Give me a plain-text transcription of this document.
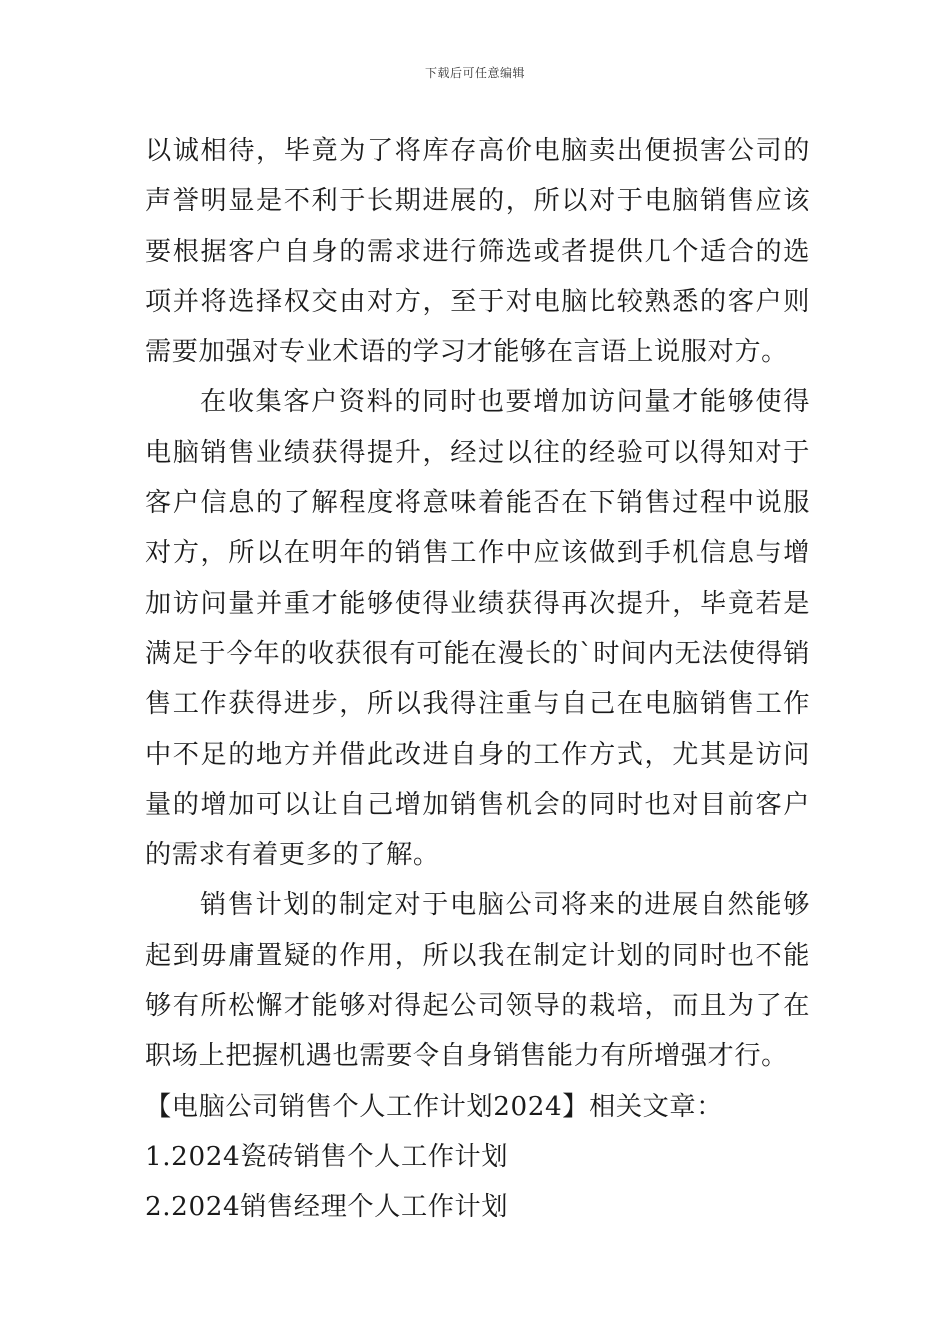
下载后可任意编辑

以诚相待，毕竟为了将库存高价电脑卖出便损害公司的声誉明显是不利于长期进展的，所以对于电脑销售应该要根据客户自身的需求进行筛选或者提供几个适合的选项并将选择权交由对方，至于对电脑比较熟悉的客户则需要加强对专业术语的学习才能够在言语上说服对方。

在收集客户资料的同时也要增加访问量才能够使得电脑销售业绩获得提升，经过以往的经验可以得知对于客户信息的了解程度将意味着能否在下销售过程中说服对方，所以在明年的销售工作中应该做到手机信息与增加访问量并重才能够使得业绩获得再次提升，毕竟若是满足于今年的收获很有可能在漫长的`时间内无法使得销售工作获得进步，所以我得注重与自己在电脑销售工作中不足的地方并借此改进自身的工作方式，尤其是访问量的增加可以让自己增加销售机会的同时也对目前客户的需求有着更多的了解。

销售计划的制定对于电脑公司将来的进展自然能够起到毋庸置疑的作用，所以我在制定计划的同时也不能够有所松懈才能够对得起公司领导的栽培，而且为了在职场上把握机遇也需要令自身销售能力有所增强才行。

【电脑公司销售个人工作计划2024】相关文章：

1.2024瓷砖销售个人工作计划

2.2024销售经理个人工作计划
